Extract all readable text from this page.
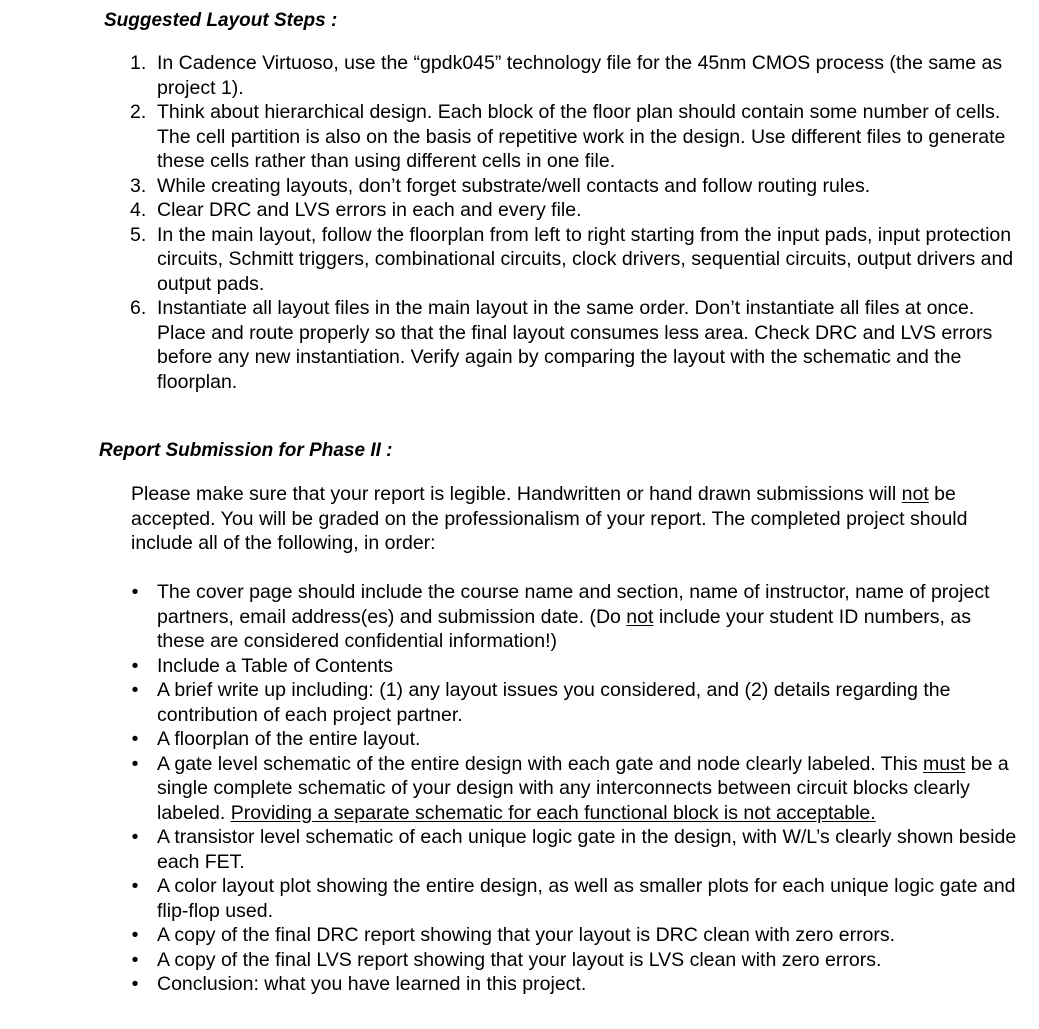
Suggested Layout Steps :
1. In Cadence Virtuoso, use the “gpdk045” technology file for the 45nm CMOS process (the same as project 1).
2. Think about hierarchical design. Each block of the floor plan should contain some number of cells. The cell partition is also on the basis of repetitive work in the design. Use different files to generate these cells rather than using different cells in one file.
3. While creating layouts, don’t forget substrate/well contacts and follow routing rules.
4. Clear DRC and LVS errors in each and every file.
5. In the main layout, follow the floorplan from left to right starting from the input pads, input protection circuits, Schmitt triggers, combinational circuits, clock drivers, sequential circuits, output drivers and output pads.
6. Instantiate all layout files in the main layout in the same order. Don’t instantiate all files at once. Place and route properly so that the final layout consumes less area. Check DRC and LVS errors before any new instantiation. Verify again by comparing the layout with the schematic and the floorplan.
Report Submission for Phase II :

Please make sure that your report is legible. Handwritten or hand drawn submissions will not be accepted. You will be graded on the professionalism of your report. The completed project should include all of the following, in order:

• The cover page should include the course name and section, name of instructor, name of project partners, email address(es) and submission date. (Do not include your student ID numbers, as these are considered confidential information!)
• Include a Table of Contents
• A brief write up including: (1) any layout issues you considered, and (2) details regarding the contribution of each project partner.
• A floorplan of the entire layout.
• A gate level schematic of the entire design with each gate and node clearly labeled. This must be a single complete schematic of your design with any interconnects between circuit blocks clearly labeled. Providing a separate schematic for each functional block is not acceptable.
• A transistor level schematic of each unique logic gate in the design, with W/L’s clearly shown beside each FET.
• A color layout plot showing the entire design, as well as smaller plots for each unique logic gate and flip-flop used.
• A copy of the final DRC report showing that your layout is DRC clean with zero errors.
• A copy of the final LVS report showing that your layout is LVS clean with zero errors.
• Conclusion: what you have learned in this project.
